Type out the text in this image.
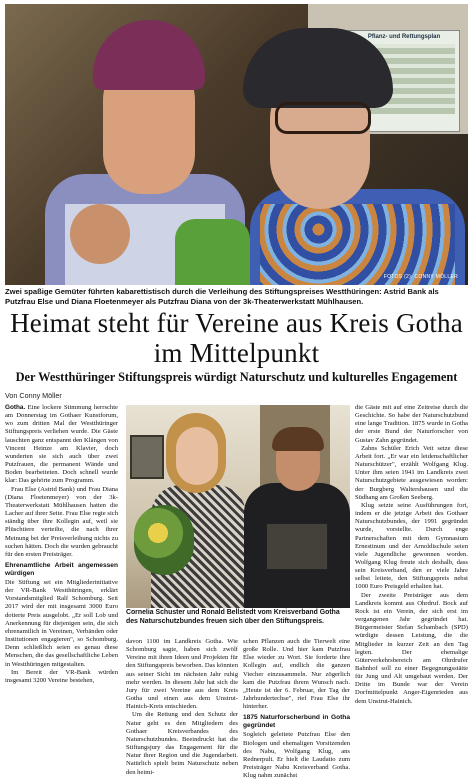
Pflanz- und Rettungsplan
FOTOS (2): CONNY MÖLLER
Zwei spaßige Gemüter führten kabarettistisch durch die Verleihung des Stiftungspreises Westthüringen: Astrid Bank als Putzfrau Else und Diana Floetenmeyer als Putzfrau Diana von der 3k-Theaterwerkstatt Mühlhausen.
Heimat steht für Vereine aus Kreis Gotha im Mittelpunkt
Der Westthüringer Stiftungspreis würdigt Naturschutz und kulturelles Engagement
Von Conny Möller

Gotha. Eine lockere Stimmung herrschte am Donnerstag im Gothaer Kunstforum, wo zum dritten Mal der Westthüringer Stiftungspreis verliehen wurde. Die Gäste lauschten ganz entspannt den Klängen von Vincent Heinze am Klavier, doch wunderten sie sich auch über zwei Putzfrauen, die permanent Wände und Boden bearbeiteten. Doch schnell wurde klar: Das gehörte zum Programm.

Frau Else (Astrid Bank) und Frau Diana (Diana Floetenmeyer) von der 3k-Theaterwerkstatt Mühlhausen hatten die Lacher auf ihrer Seite. Frau Else regte sich ständig über ihre Kollegin auf, weil sie Plüschtiere verteilte, die nach ihrer Meinung bei der Preisverleihung nichts zu suchen hätten. Doch die wurden gebraucht für den ersten Preisträger.

Ehrenamtliche Arbeit angemessen würdigen

Die Stiftung sei ein Mitgliederinitiative der VR-Bank Westthüringen, erklärt Vorstandsmitglied Ralf Schomburg. Seit 2017 wird der mit insgesamt 3000 Euro dotierte Preis ausgelobt. „Er soll Lob und Anerkennung für diejenigen sein, die sich ehrenamtlich in Vereinen, Verbänden oder Institutionen engagieren", so Schomburg. Denn schließlich seien es genau diese Menschen, die das gesellschaftliche Leben in Westthüringen mitgestalten.

Im Bereit der VR-Bank würden insgesamt 3200 Vereine bestehen,

Cornelia Schuster und Ronald Bellstedt vom Kreisverband Gotha des Naturschutzbundes freuen sich über den Stiftungspreis.

davon 1100 im Landkreis Gotha. Wie Schomburg sagte, haben sich zwölf Vereine mit ihren Ideen und Projekten für den Stiftungspreis beworben. Das könnten aus seiner Sicht im nächsten Jahr ruhig mehr werden. In diesem Jahr hat sich die Jury für zwei Vereine aus dem Kreis Gotha und einen aus dem Unstrut-Hainich-Kreis entschieden.

Um die Rettung und den Schutz der Natur geht es den Mitgliedern des Gothaer Kreisverbandes des Naturschutzbundes. Beeindruckt hat die Stiftungsjury das Engagement für die Natur ihrer Region und die Jugendarbeit. Natürlich spielt beim Naturschutz neben den heimi-

schen Pflanzen auch die Tierwelt eine große Rolle. Und hier kam Putzfrau Else wieder zu Wort. Sie forderte ihre Kollegin auf, endlich die ganzen Viecher einzusammeln. Nur zögerlich kam die Putzfrau ihrem Wunsch nach. „Heute ist der 6. Februar, der Tag der Jahrhundertechse", rief Frau Else ihr hinterher.

1875 Naturforscherbund in Gotha gegründet

Sogleich geleitete Putzfrau Else den Biologen und ehemaligen Vorsitzenden des Nabu, Wolfgang Klug, ans Rednerpult. Er hielt die Laudatio zum Preisträger Nabu Kreisverband Gotha. Klug nahm zunächst

die Gäste mit auf eine Zeitreise durch die Geschichte. So habe der Naturschutzbund eine lange Tradition. 1875 wurde in Gotha der erste Bund der Naturforscher von Gustav Zahn gegründet.

Zahns Schüler Erich Veit setze diese Arbeit fort. „Er war ein leidenschaftlicher Naturschützer", erzählt Wolfgang Klug. Unter ihm seien 1941 im Landkreis zwei Naturschutzgebiete ausgewiesen worden: der Burgberg Waltershausen und die Südhang am Großen Seeberg.

Klug setzte seine Ausführungen fort, indem er die jetzige Arbeit des Gothaer Naturschutzbundes, der 1991 gegründet wurde, vorstellte. Durch enge Partnerschaften mit dem Gymnasium Ernestinum und der Arnoldischule seien viele Jugendliche gewonnen worden. Wolfgang Klug freute sich deshalb, dass sein Kreisverband, den er viele Jahre selbst leitete, den Stiftungspreis nebst 1000 Euro Preisgeld erhalten hat.

Der zweite Preisträger aus dem Landkreis kommt aus Ohrdruf. Bock auf Rock ist ein Verein, der sich erst im vergangenen Jahr gegründet hat. Bürgermeister Stefan Schambach (SPD) würdigte dessen Leistung, die die Mitglieder in kurzer Zeit an den Tag legten. Der ehemalige Güterverkehrsbereich am Ohrdrufer Bahnhof soll zu einer Begegnungsstätte für Jung und Alt umgebaut werden. Der Dritte im Bunde war der Verein Dorfmittelpunkt Anger-Eigenrieden aus dem Unstrut-Hainich.
